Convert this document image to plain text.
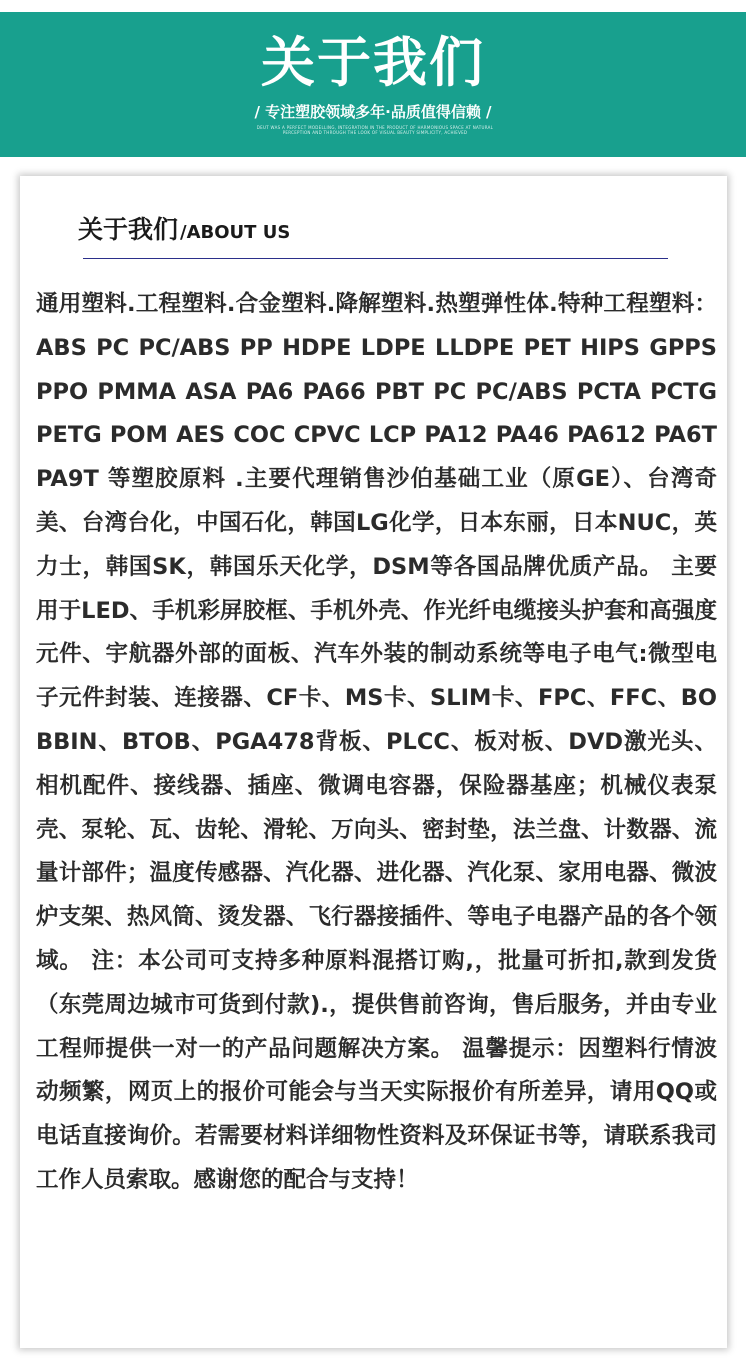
关于我们
/ 专注塑胶领域多年·品质值得信赖 /
DEUT WAS A PERFECT MODELLING, INTEGRATION IN THE PRODUCT OF HARMONIOUS SPACE AT NATURAL PERCEPTION AND THROUGH THE LOOK OF VISUAL BEAUTY SIMPLICITY, ACHIEVED
关于我们 /ABOUT US

通用塑料.工程塑料.合金塑料.降解塑料.热塑弹性体.特种工程塑料：ABS PC PC/ABS PP HDPE LDPE LLDPE PET HIPS GPPS PPO PMMA ASA PA6 PA66 PBT PC PC/ABS PCTA PCTG PETG POM AES COC CPVC LCP PA12 PA46 PA612 PA6T PA9T 等塑胶原料 .主要代理销售沙伯基础工业（原GE）、台湾奇美、台湾台化，中国石化，韩国LG化学，日本东丽，日本NUC，英力士，韩国SK，韩国乐天化学，DSM等各国品牌优质产品。 主要用于LED、手机彩屏胶框、手机外壳、作光纤电缆接头护套和高强度元件、宇航器外部的面板、汽车外装的制动系统等电子电气:微型电子元件封装、连接器、CF卡、MS卡、SLIM卡、FPC、FFC、BOBBIN、BTOB、PGA478背板、PLCC、板对板、DVD激光头、相机配件、接线器、插座、微调电容器，保险器基座；机械仪表泵壳、泵轮、瓦、齿轮、滑轮、万向头、密封垫，法兰盘、计数器、流量计部件；温度传感器、汽化器、进化器、汽化泵、家用电器、微波炉支架、热风筒、烫发器、飞行器接插件、等电子电器产品的各个领域。 注：本公司可支持多种原料混搭订购,，批量可折扣,款到发货（东莞周边城市可货到付款).，提供售前咨询，售后服务，并由专业工程师提供一对一的产品问题解决方案。 温馨提示：因塑料行情波动频繁，网页上的报价可能会与当天实际报价有所差异，请用QQ或电话直接询价。若需要材料详细物性资料及环保证书等，请联系我司工作人员索取。感谢您的配合与支持！
